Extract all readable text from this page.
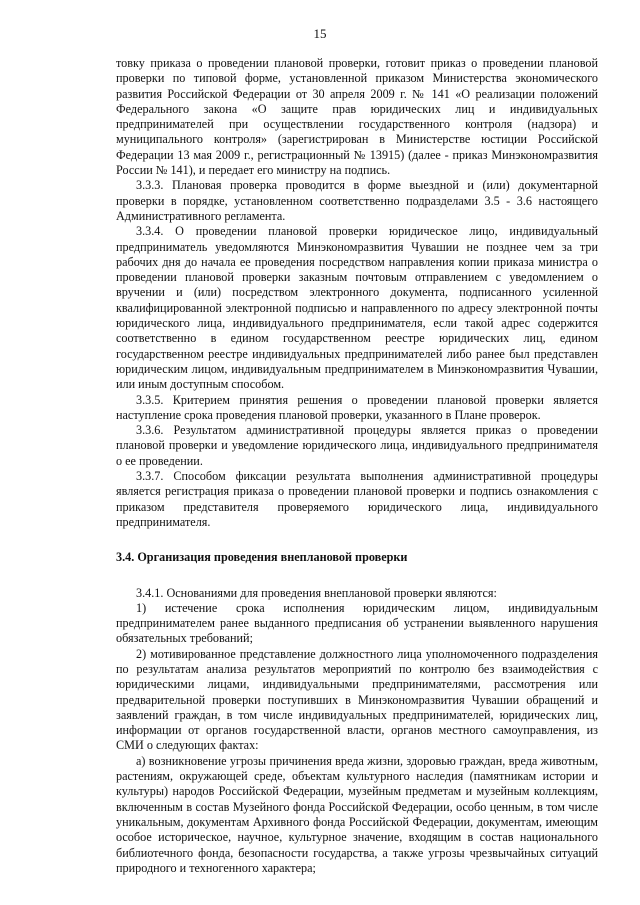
15

товку приказа о проведении плановой проверки, готовит приказ о проведении плановой проверки по типовой форме, установленной приказом Министерства экономического развития Российской Федерации от 30 апреля 2009 г. № 141 «О реализации положений Федерального закона «О защите прав юридических лиц и индивидуальных предпринимателей при осуществлении государственного контроля (надзора) и муниципального контроля» (зарегистрирован в Министерстве юстиции Российской Федерации 13 мая 2009 г., регистрационный № 13915) (далее - приказ Минэкономразвития России № 141), и передает его министру на подпись.

3.3.3. Плановая проверка проводится в форме выездной и (или) документарной проверки в порядке, установленном соответственно подразделами 3.5 - 3.6 настоящего Административного регламента.

3.3.4. О проведении плановой проверки юридическое лицо, индивидуальный предприниматель уведомляются Минэкономразвития Чувашии не позднее чем за три рабочих дня до начала ее проведения посредством направления копии приказа министра о проведении плановой проверки заказным почтовым отправлением с уведомлением о вручении и (или) посредством электронного документа, подписанного усиленной квалифицированной электронной подписью и направленного по адресу электронной почты юридического лица, индивидуального предпринимателя, если такой адрес содержится соответственно в едином государственном реестре юридических лиц, едином государственном реестре индивидуальных предпринимателей либо ранее был представлен юридическим лицом, индивидуальным предпринимателем в Минэкономразвития Чувашии, или иным доступным способом.

3.3.5. Критерием принятия решения о проведении плановой проверки является наступление срока проведения плановой проверки, указанного в Плане проверок.

3.3.6. Результатом административной процедуры является приказ о проведении плановой проверки и уведомление юридического лица, индивидуального предпринимателя о ее проведении.

3.3.7. Способом фиксации результата выполнения административной процедуры является регистрация приказа о проведении плановой проверки и подпись ознакомления с приказом представителя проверяемого юридического лица, индивидуального предпринимателя.

3.4. Организация проведения внеплановой проверки

3.4.1. Основаниями для проведения внеплановой проверки являются:

1) истечение срока исполнения юридическим лицом, индивидуальным предпринимателем ранее выданного предписания об устранении выявленного нарушения обязательных требований;

2) мотивированное представление должностного лица уполномоченного подразделения по результатам анализа результатов мероприятий по контролю без взаимодействия с юридическими лицами, индивидуальными предпринимателями, рассмотрения или предварительной проверки поступивших в Минэкономразвития Чувашии обращений и заявлений граждан, в том числе индивидуальных предпринимателей, юридических лиц, информации от органов государственной власти, органов местного самоуправления, из СМИ о следующих фактах:

а) возникновение угрозы причинения вреда жизни, здоровью граждан, вреда животным, растениям, окружающей среде, объектам культурного наследия (памятникам истории и культуры) народов Российской Федерации, музейным предметам и музейным коллекциям, включенным в состав Музейного фонда Российской Федерации, особо ценным, в том числе уникальным, документам Архивного фонда Российской Федерации, документам, имеющим особое историческое, научное, культурное значение, входящим в состав национального библиотечного фонда, безопасности государства, а также угрозы чрезвычайных ситуаций природного и техногенного характера;
